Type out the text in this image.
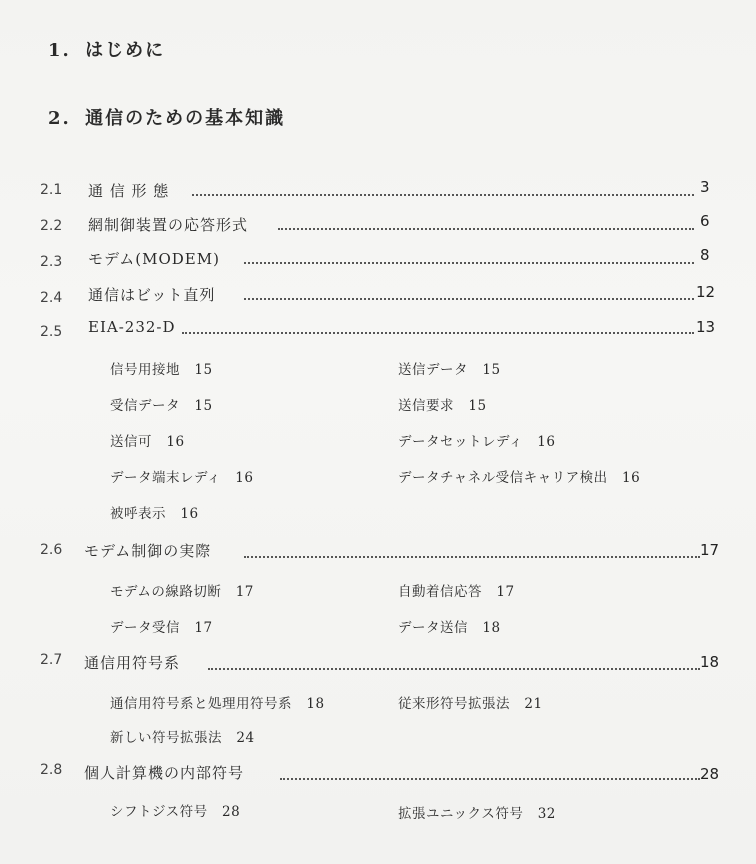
1. はじめに
2. 通信のための基本知識
2.1 通 信 形 態	3
2.2 網制御装置の応答形式	6
2.3 モデム(MODEM)	8
2.4 通信はビット直列	12
2.5 EIA-232-D	13
信号用接地 15	送信データ 15
受信データ 15	送信要求 15
送信可 16	データセットレディ 16
データ端末レディ 16	データチャネル受信キャリア検出 16
被呼表示 16
2.6 モデム制御の実際	17
モデムの線路切断 17	自動着信応答 17
データ受信 17	データ送信 18
2.7 通信用符号系	18
通信用符号系と処理用符号系 18	従来形符号拡張法 21
新しい符号拡張法 24
2.8 個人計算機の内部符号	28
シフトジス符号 28	拡張ユニックス符号 32
